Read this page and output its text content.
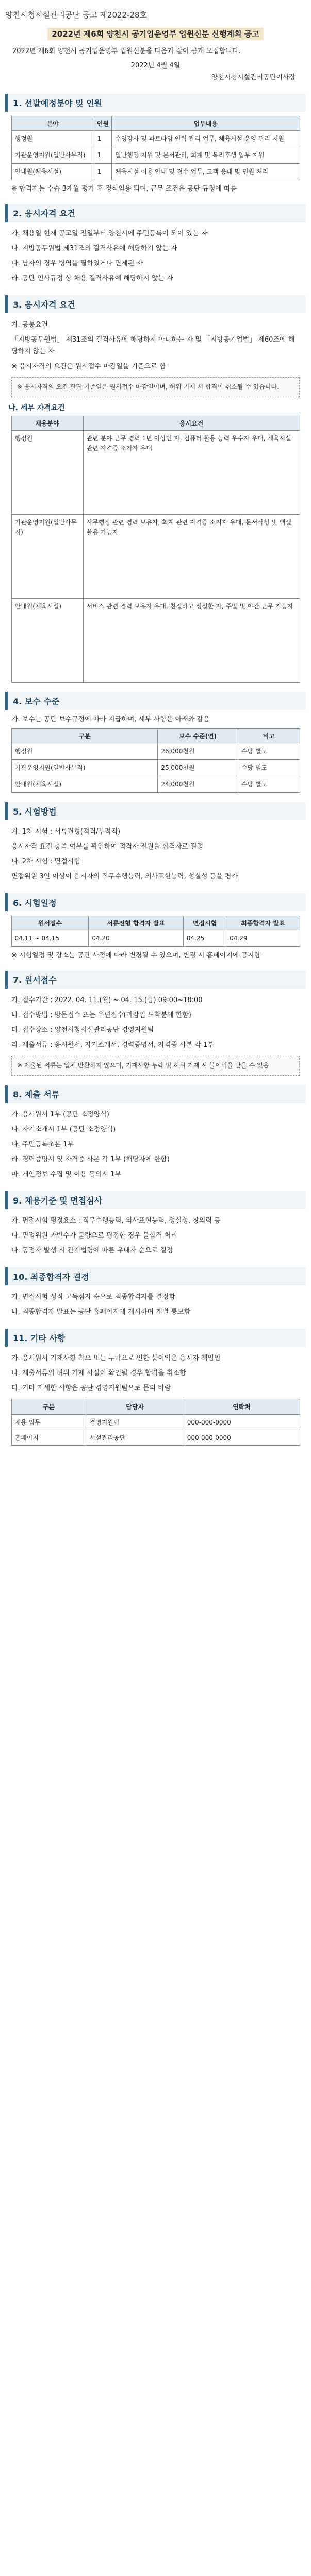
양천시청시설관리공단 공고 제2022-28호
2022년 제6회 양천시 공기업운영부 업원신분 신행계획 공고
2022년 제6회 양천시 공기업운영부 업원신분을 다음과 같이 공개 모집합니다.
2022년 4월 4일
양천시청시설관리공단이사장
1. 선발예정분야 및 인원
분야	인원	업무내용
행정원	1	수영강사 및 파트타임 인력 관리 업무, 체육시설 운영 관리 지원
기관운영지원(일반사무직)	1	일반행정 지원 및 문서관리, 회계 및 복리후생 업무 지원
안내원(체육시설)	1	체육시설 이용 안내 및 접수 업무, 고객 응대 및 민원 처리

※ 합격자는 수습 3개월 평가 후 정식임용 되며, 근무 조건은 공단 규정에 따름

2. 응시자격 요건
가. 채용일 현재 공고일 전일부터 양천시에 주민등록이 되어 있는 자
나. 지방공무원법 제31조의 결격사유에 해당하지 않는 자
다. 남자의 경우 병역을 필하였거나 면제된 자
라. 공단 인사규정 상 채용 결격사유에 해당하지 않는 자
3. 응시자격 요건
가. 공통요건
「지방공무원법」 제31조의 결격사유에 해당하지 아니하는 자 및 「지방공기업법」 제60조에 해당하지 않는 자
※ 응시자격의 요건은 원서접수 마감일을 기준으로 함
※ 응시자격의 요건 판단 기준일은 원서접수 마감일이며, 허위 기재 시 합격이 취소될 수 있습니다.
나. 세부 자격요건
채용분야	응시요건
행정원	관련 분야 근무 경력 1년 이상인 자, 컴퓨터 활용 능력 우수자 우대, 체육시설 관련 자격증 소지자 우대
기관운영지원(일반사무직)	사무행정 관련 경력 보유자, 회계 관련 자격증 소지자 우대, 문서작성 및 엑셀 활용 가능자
안내원(체육시설)	서비스 관련 경력 보유자 우대, 친절하고 성실한 자, 주말 및 야간 근무 가능자
4. 보수 수준

가. 보수는 공단 보수규정에 따라 지급하며, 세부 사항은 아래와 같음

구분	보수 수준(연)	비고
행정원	26,000천원	수당 별도
기관운영지원(일반사무직)	25,000천원	수당 별도
안내원(체육시설)	24,000천원	수당 별도
5. 시험방법
가. 1차 시험 : 서류전형(적격/부적격)
응시자격 요건 충족 여부를 확인하여 적격자 전원을 합격자로 결정
나. 2차 시험 : 면접시험
면접위원 3인 이상이 응시자의 직무수행능력, 의사표현능력, 성실성 등을 평가
6. 시험일정
원서접수	서류전형 합격자 발표	면접시험	최종합격자 발표
04.11 ~ 04.15	04.20	04.25	04.29

※ 시험일정 및 장소는 공단 사정에 따라 변경될 수 있으며, 변경 시 홈페이지에 공지함

7. 원서접수
가. 접수기간 : 2022. 04. 11.(월) ~ 04. 15.(금) 09:00~18:00
나. 접수방법 : 방문접수 또는 우편접수(마감일 도착분에 한함)
다. 접수장소 : 양천시청시설관리공단 경영지원팀
라. 제출서류 : 응시원서, 자기소개서, 경력증명서, 자격증 사본 각 1부
※ 제출된 서류는 일체 반환하지 않으며, 기재사항 누락 및 허위 기재 시 불이익을 받을 수 있음
8. 제출 서류
가. 응시원서 1부 (공단 소정양식)
나. 자기소개서 1부 (공단 소정양식)
다. 주민등록초본 1부
라. 경력증명서 및 자격증 사본 각 1부 (해당자에 한함)
마. 개인정보 수집 및 이용 동의서 1부
9. 채용기준 및 면접심사
가. 면접시험 평정요소 : 직무수행능력, 의사표현능력, 성실성, 창의력 등
나. 면접위원 과반수가 불량으로 평정한 경우 불합격 처리
다. 동점자 발생 시 관계법령에 따른 우대자 순으로 결정
10. 최종합격자 결정
가. 면접시험 성적 고득점자 순으로 최종합격자를 결정함
나. 최종합격자 발표는 공단 홈페이지에 게시하며 개별 통보함
11. 기타 사항
가. 응시원서 기재사항 착오 또는 누락으로 인한 불이익은 응시자 책임임
나. 제출서류의 허위 기재 사실이 확인될 경우 합격을 취소함
다. 기타 자세한 사항은 공단 경영지원팀으로 문의 바람
구분	담당자	연락처
채용 업무	경영지원팀	000-000-0000
홈페이지	시설관리공단	000-000-0000
